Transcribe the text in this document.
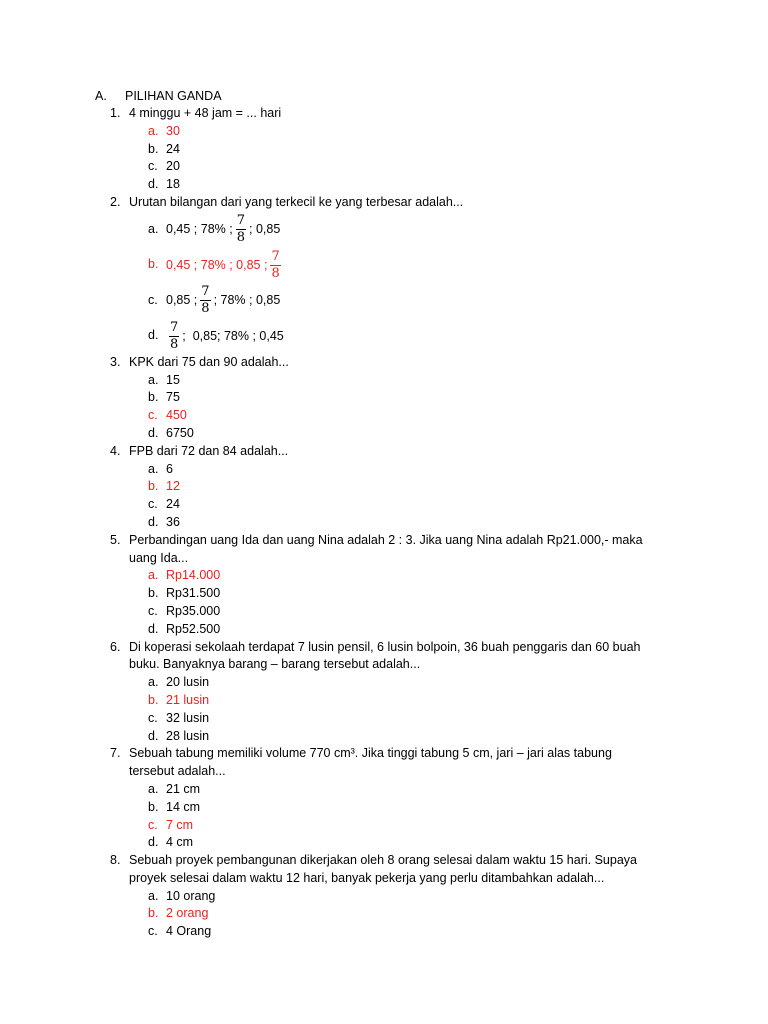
A. PILIHAN GANDA
1. 4 minggu + 48 jam = ... hari
a. 30
b. 24
c. 20
d. 18
2. Urutan bilangan dari yang terkecil ke yang terbesar adalah...
a. 0,45 ; 78% ; $\frac{7}{8}$ ; 0,85
b. 0,45 ; 78% ; 0,85 ; $\frac{7}{8}$
c. 0,85 ; $\frac{7}{8}$ ; 78% ; 0,85
d. $\frac{7}{8}$ ;  0,85; 78% ; 0,45
3. KPK dari 75 dan 90 adalah...
a. 15
b. 75
c. 450
d. 6750
4. FPB dari 72 dan 84 adalah...
a. 6
b. 12
c. 24
d. 36
5. Perbandingan uang Ida dan uang Nina adalah 2 : 3. Jika uang Nina adalah Rp21.000,- maka
uang Ida...
a. Rp14.000
b. Rp31.500
c. Rp35.000
d. Rp52.500
6. Di koperasi sekolaah terdapat 7 lusin pensil, 6 lusin bolpoin, 36 buah penggaris dan 60 buah
buku. Banyaknya barang – barang tersebut adalah...
a. 20 lusin
b. 21 lusin
c. 32 lusin
d. 28 lusin
7. Sebuah tabung memiliki volume 770 cm³. Jika tinggi tabung 5 cm, jari – jari alas tabung
tersebut adalah...
a. 21 cm
b. 14 cm
c. 7 cm
d. 4 cm
8. Sebuah proyek pembangunan dikerjakan oleh 8 orang selesai dalam waktu 15 hari. Supaya
proyek selesai dalam waktu 12 hari, banyak pekerja yang perlu ditambahkan adalah...
a. 10 orang
b. 2 orang
c. 4 Orang
